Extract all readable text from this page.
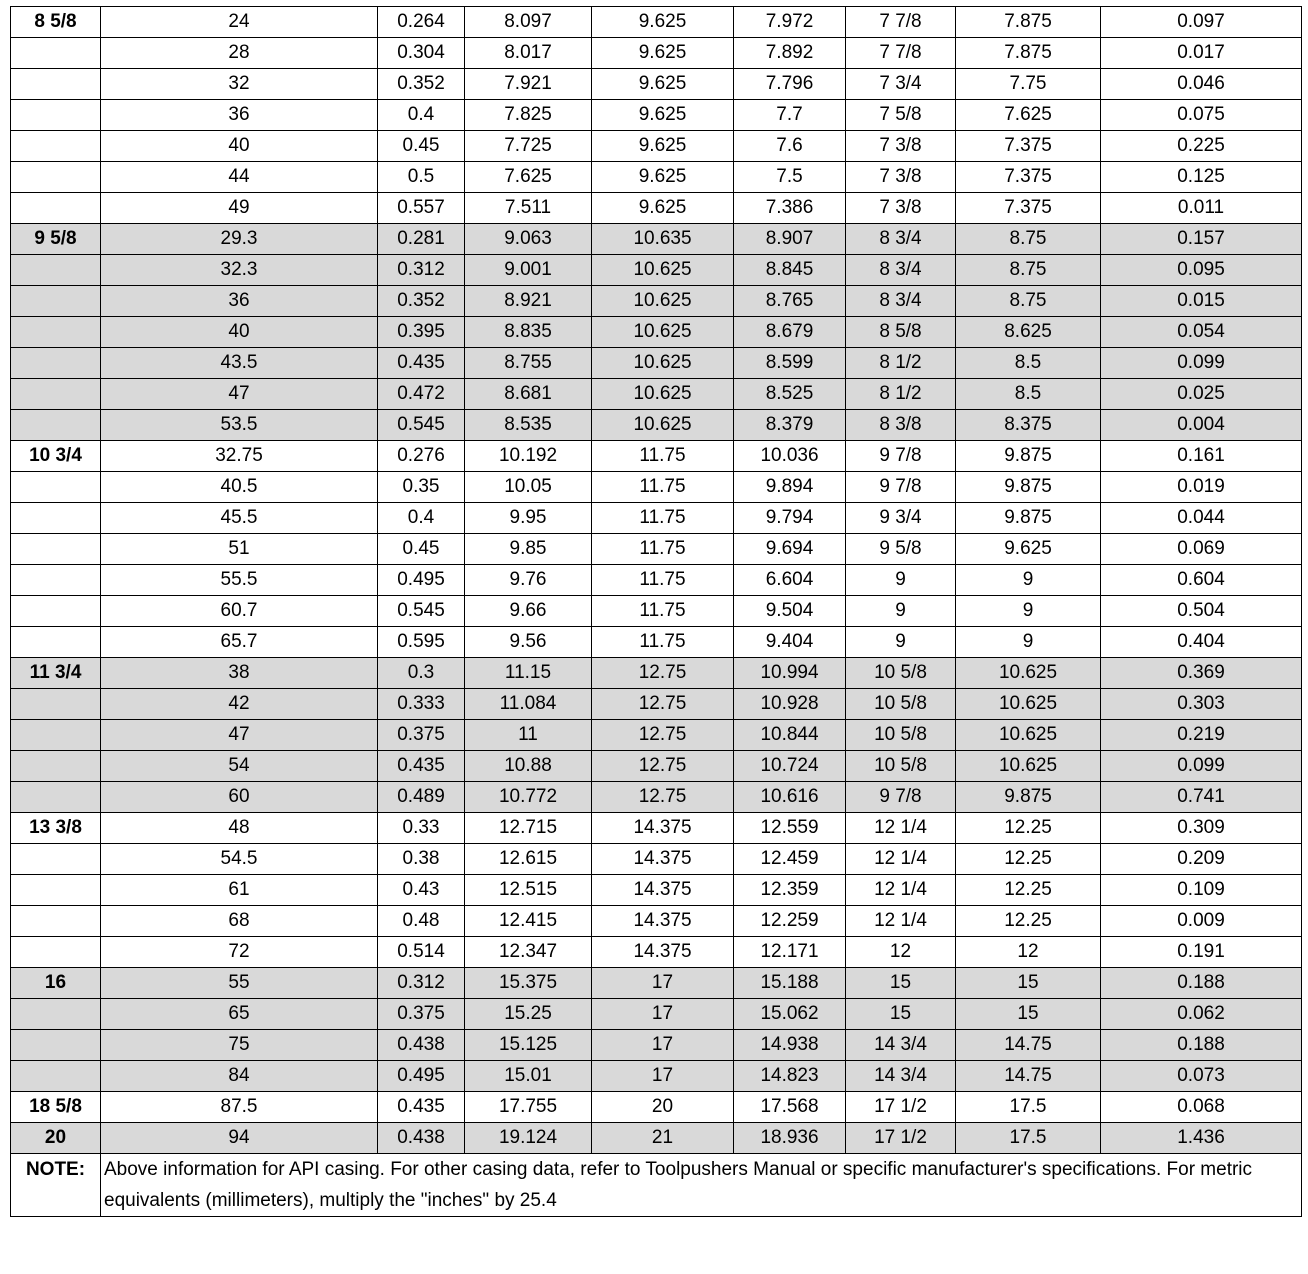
8 5/8	24	0.264	8.097	9.625	7.972	7 7/8	7.875	0.097
	28	0.304	8.017	9.625	7.892	7 7/8	7.875	0.017
	32	0.352	7.921	9.625	7.796	7 3/4	7.75	0.046
	36	0.4	7.825	9.625	7.7	7 5/8	7.625	0.075
	40	0.45	7.725	9.625	7.6	7 3/8	7.375	0.225
	44	0.5	7.625	9.625	7.5	7 3/8	7.375	0.125
	49	0.557	7.511	9.625	7.386	7 3/8	7.375	0.011
9 5/8	29.3	0.281	9.063	10.635	8.907	8 3/4	8.75	0.157
	32.3	0.312	9.001	10.625	8.845	8 3/4	8.75	0.095
	36	0.352	8.921	10.625	8.765	8 3/4	8.75	0.015
	40	0.395	8.835	10.625	8.679	8 5/8	8.625	0.054
	43.5	0.435	8.755	10.625	8.599	8 1/2	8.5	0.099
	47	0.472	8.681	10.625	8.525	8 1/2	8.5	0.025
	53.5	0.545	8.535	10.625	8.379	8 3/8	8.375	0.004
10 3/4	32.75	0.276	10.192	11.75	10.036	9 7/8	9.875	0.161
	40.5	0.35	10.05	11.75	9.894	9 7/8	9.875	0.019
	45.5	0.4	9.95	11.75	9.794	9 3/4	9.875	0.044
	51	0.45	9.85	11.75	9.694	9 5/8	9.625	0.069
	55.5	0.495	9.76	11.75	6.604	9	9	0.604
	60.7	0.545	9.66	11.75	9.504	9	9	0.504
	65.7	0.595	9.56	11.75	9.404	9	9	0.404
11 3/4	38	0.3	11.15	12.75	10.994	10 5/8	10.625	0.369
	42	0.333	11.084	12.75	10.928	10 5/8	10.625	0.303
	47	0.375	11	12.75	10.844	10 5/8	10.625	0.219
	54	0.435	10.88	12.75	10.724	10 5/8	10.625	0.099
	60	0.489	10.772	12.75	10.616	9 7/8	9.875	0.741
13 3/8	48	0.33	12.715	14.375	12.559	12 1/4	12.25	0.309
	54.5	0.38	12.615	14.375	12.459	12 1/4	12.25	0.209
	61	0.43	12.515	14.375	12.359	12 1/4	12.25	0.109
	68	0.48	12.415	14.375	12.259	12 1/4	12.25	0.009
	72	0.514	12.347	14.375	12.171	12	12	0.191
16	55	0.312	15.375	17	15.188	15	15	0.188
	65	0.375	15.25	17	15.062	15	15	0.062
	75	0.438	15.125	17	14.938	14 3/4	14.75	0.188
	84	0.495	15.01	17	14.823	14 3/4	14.75	0.073
18 5/8	87.5	0.435	17.755	20	17.568	17 1/2	17.5	0.068
20	94	0.438	19.124	21	18.936	17 1/2	17.5	1.436
NOTE:	Above information for API casing. For other casing data, refer to Toolpushers Manual or specific manufacturer's specifications. For metric equivalents (millimeters), multiply the "inches" by 25.4							
